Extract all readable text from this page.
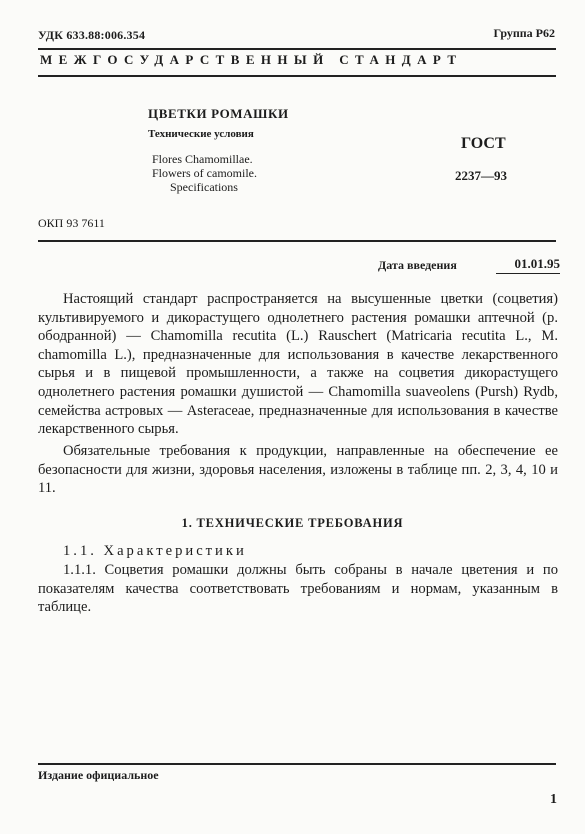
УДК 633.88:006.354	Группа Р62
МЕЖГОСУДАРСТВЕННЫЙ СТАНДАРТ
ЦВЕТКИ РОМАШКИ
Технические условия
Flores Chamomillae.
Flowers of camomile.
Specifications
ГОСТ
2237—93
ОКП 93 7611
Дата введения	01.01.95

Настоящий стандарт распространяется на высушенные цветки (соцветия) культивируемого и дикорастущего однолетнего растения ромашки аптечной (р. ободранной) — Chamomilla recutita (L.) Rauschert (Matricaria recutita L., M. chamomilla L.), предназначенные для использования в качестве лекарственного сырья и в пищевой промышленности, а также на соцветия дикорастущего однолетнего растения ромашки душистой — Chamomilla suaveolens (Pursh) Rydb, семейства астровых — Asteraceae, предназначенные для использования в качестве лекарственного сырья.

Обязательные требования к продукции, направленные на обеспечение ее безопасности для жизни, здоровья населения, изложены в таблице пп. 2, 3, 4, 10 и 11.

1. ТЕХНИЧЕСКИЕ ТРЕБОВАНИЯ
1.1. Характеристики

1.1.1. Соцветия ромашки должны быть собраны в начале цветения и по показателям качества соответствовать требованиям и нормам, указанным в таблице.

Издание официальное
1
